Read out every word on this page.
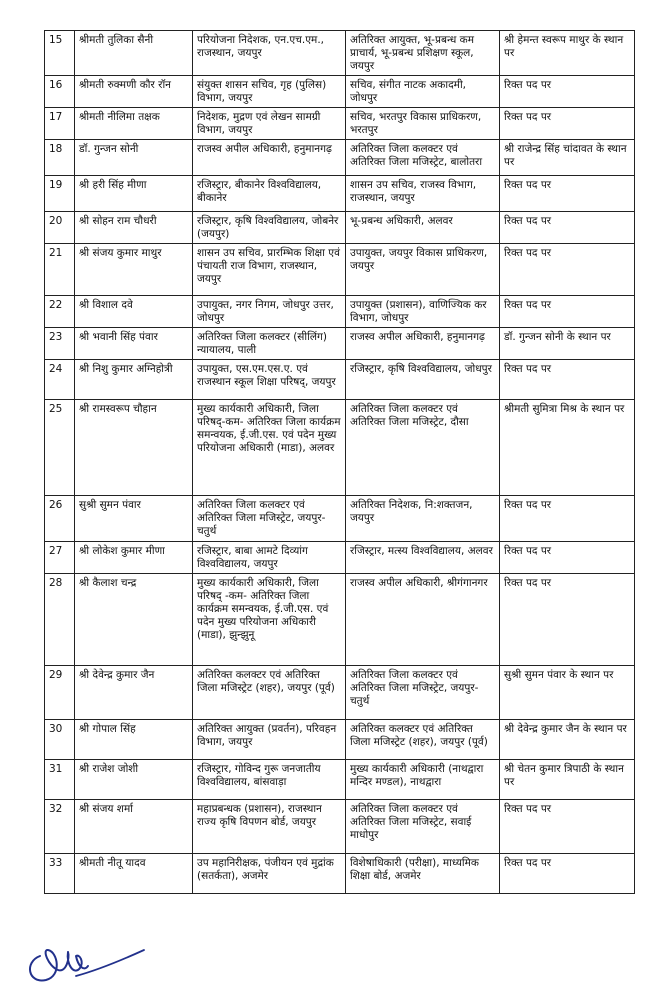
15	श्रीमती तुलिका सैनी	परियोजना निदेशक, एन.एच.एम., राजस्थान, जयपुर	अतिरिक्त आयुक्त, भू-प्रबन्ध कम प्राचार्य, भू-प्रबन्ध प्रशिक्षण स्कूल, जयपुर	श्री हेमन्त स्वरूप माथुर के स्थान पर
16	श्रीमती रुक्मणी कौर रॉन	संयुक्त शासन सचिव, गृह (पुलिस) विभाग, जयपुर	सचिव, संगीत नाटक अकादमी, जोधपुर	रिक्त पद पर
17	श्रीमती नीलिमा तक्षक	निदेशक, मुद्रण एवं लेखन सामग्री विभाग, जयपुर	सचिव, भरतपुर विकास प्राधिकरण, भरतपुर	रिक्त पद पर
18	डॉ. गुन्जन सोनी	राजस्व अपील अधिकारी, हनुमानगढ़	अतिरिक्त जिला कलक्टर एवं अतिरिक्त जिला मजिस्ट्रेट, बालोतरा	श्री राजेन्द्र सिंह चांदावत के स्थान पर
19	श्री हरी सिंह मीणा	रजिस्ट्रार, बीकानेर विश्वविद्यालय, बीकानेर	शासन उप सचिव, राजस्व विभाग, राजस्थान, जयपुर	रिक्त पद पर
20	श्री सोहन राम चौधरी	रजिस्ट्रार, कृषि विश्वविद्यालय, जोबनेर (जयपुर)	भू-प्रबन्ध अधिकारी, अलवर	रिक्त पद पर
21	श्री संजय कुमार माथुर	शासन उप सचिव, प्रारम्भिक शिक्षा एवं पंचायती राज विभाग, राजस्थान, जयपुर	उपायुक्त, जयपुर विकास प्राधिकरण, जयपुर	रिक्त पद पर
22	श्री विशाल दवे	उपायुक्त, नगर निगम, जोधपुर उत्तर, जोधपुर	उपायुक्त (प्रशासन), वाणिज्यिक कर विभाग, जोधपुर	रिक्त पद पर
23	श्री भवानी सिंह पंवार	अतिरिक्त जिला कलक्टर (सीलिंग) न्यायालय, पाली	राजस्व अपील अधिकारी, हनुमानगढ़	डॉ. गुन्जन सोनी के स्थान पर
24	श्री निशु कुमार अग्निहोत्री	उपायुक्त, एस.एम.एस.ए. एवं राजस्थान स्कूल शिक्षा परिषद्, जयपुर	रजिस्ट्रार, कृषि विश्वविद्यालय, जोधपुर	रिक्त पद पर
25	श्री रामस्वरूप चौहान	मुख्य कार्यकारी अधिकारी, जिला परिषद्-कम- अतिरिक्त जिला कार्यक्रम समन्वयक, ई.जी.एस. एवं पदेन मुख्य परियोजना अधिकारी (माडा), अलवर	अतिरिक्त जिला कलक्टर एवं अतिरिक्त जिला मजिस्ट्रेट, दौसा	श्रीमती सुमित्रा मिश्र के स्थान पर
26	सुश्री सुमन पंवार	अतिरिक्त जिला कलक्टर एवं अतिरिक्त जिला मजिस्ट्रेट, जयपुर-चतुर्थ	अतिरिक्त निदेशक, नि:शक्तजन, जयपुर	रिक्त पद पर
27	श्री लोकेश कुमार मीणा	रजिस्ट्रार, बाबा आमटे दिव्यांग विश्वविद्यालय, जयपुर	रजिस्ट्रार, मत्स्य विश्वविद्यालय, अलवर	रिक्त पद पर
28	श्री कैलाश चन्द्र	मुख्य कार्यकारी अधिकारी, जिला परिषद् -कम- अतिरिक्त जिला कार्यक्रम समन्वयक, ई.जी.एस. एवं पदेन मुख्य परियोजना अधिकारी (माडा), झुन्झुनू	राजस्व अपील अधिकारी, श्रीगंगानगर	रिक्त पद पर
29	श्री देवेन्द्र कुमार जैन	अतिरिक्त कलक्टर एवं अतिरिक्त जिला मजिस्ट्रेट (शहर), जयपुर (पूर्व)	अतिरिक्त जिला कलक्टर एवं अतिरिक्त जिला मजिस्ट्रेट, जयपुर-चतुर्थ	सुश्री सुमन पंवार के स्थान पर
30	श्री गोपाल सिंह	अतिरिक्त आयुक्त (प्रवर्तन), परिवहन विभाग, जयपुर	अतिरिक्त कलक्टर एवं अतिरिक्त जिला मजिस्ट्रेट (शहर), जयपुर (पूर्व)	श्री देवेन्द्र कुमार जैन के स्थान पर
31	श्री राजेश जोशी	रजिस्ट्रार, गोविन्द गुरू जनजातीय विश्वविद्यालय, बांसवाड़ा	मुख्य कार्यकारी अधिकारी (नाथद्वारा मन्दिर मण्डल), नाथद्वारा	श्री चेतन कुमार त्रिपाठी के स्थान पर
32	श्री संजय शर्मा	महाप्रबन्धक (प्रशासन), राजस्थान राज्य कृषि विपणन बोर्ड, जयपुर	अतिरिक्त जिला कलक्टर एवं अतिरिक्त जिला मजिस्ट्रेट, सवाई माधोपुर	रिक्त पद पर
33	श्रीमती नीतू यादव	उप महानिरीक्षक, पंजीयन एवं मुद्रांक (सतर्कता), अजमेर	विशेषाधिकारी (परीक्षा), माध्यमिक शिक्षा बोर्ड, अजमेर	रिक्त पद पर
